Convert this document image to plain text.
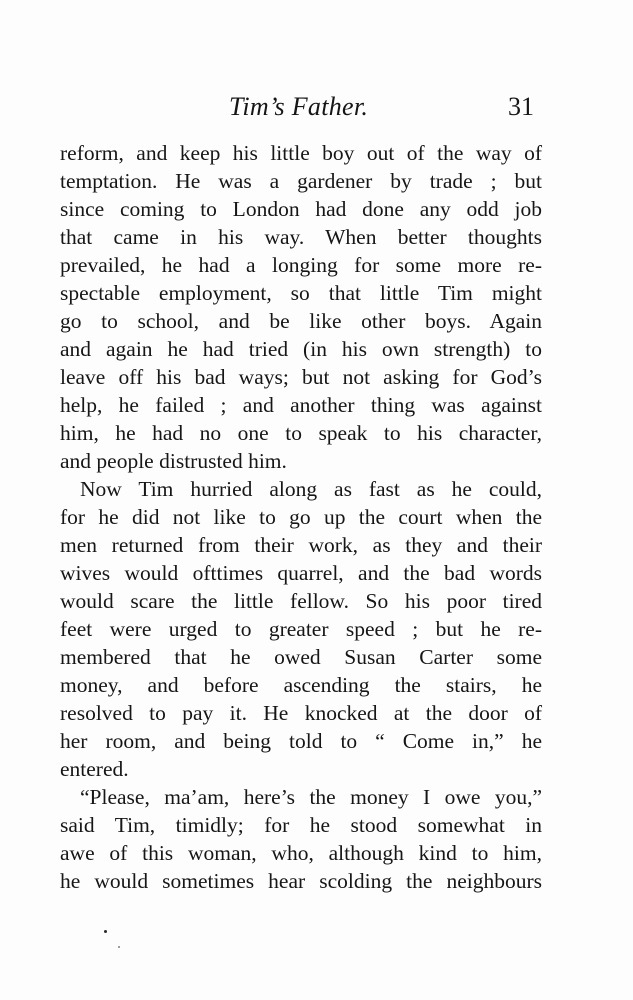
Tim’s Father.	31
reform, and keep his little boy out of the way of
temptation. He was a gardener by trade ; but
since coming to London had done any odd job
that came in his way. When better thoughts
prevailed, he had a longing for some more re-
spectable employment, so that little Tim might
go to school, and be like other boys. Again
and again he had tried (in his own strength) to
leave off his bad ways; but not asking for God’s
help, he failed ; and another thing was against
him, he had no one to speak to his character,
and people distrusted him.
Now Tim hurried along as fast as he could,
for he did not like to go up the court when the
men returned from their work, as they and their
wives would ofttimes quarrel, and the bad words
would scare the little fellow. So his poor tired
feet were urged to greater speed ; but he re-
membered that he owed Susan Carter some
money, and before ascending the stairs, he
resolved to pay it. He knocked at the door of
her room, and being told to “ Come in,” he
entered.
“Please, ma’am, here’s the money I owe you,”
said Tim, timidly; for he stood somewhat in
awe of this woman, who, although kind to him,
he would sometimes hear scolding the neighbours
